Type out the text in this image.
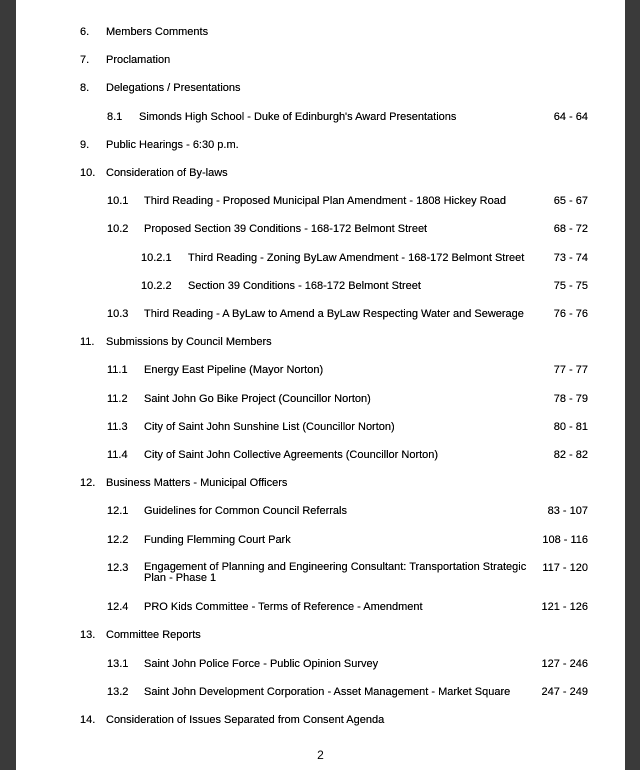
6. Members Comments
7. Proclamation
8. Delegations / Presentations
8.1 Simonds High School - Duke of Edinburgh's Award Presentations	64 - 64
9. Public Hearings - 6:30 p.m.
10. Consideration of By-laws
10.1 Third Reading - Proposed Municipal Plan Amendment - 1808 Hickey Road	65 - 67
10.2 Proposed Section 39 Conditions - 168-172 Belmont Street	68 - 72
10.2.1 Third Reading - Zoning ByLaw Amendment - 168-172 Belmont Street	73 - 74
10.2.2 Section 39 Conditions - 168-172 Belmont Street	75 - 75
10.3 Third Reading - A ByLaw to Amend a ByLaw Respecting Water and Sewerage	76 - 76
11. Submissions by Council Members
11.1 Energy East Pipeline (Mayor Norton)	77 - 77
11.2 Saint John Go Bike Project (Councillor Norton)	78 - 79
11.3 City of Saint John Sunshine List (Councillor Norton)	80 - 81
11.4 City of Saint John Collective Agreements (Councillor Norton)	82 - 82
12. Business Matters - Municipal Officers
12.1 Guidelines for Common Council Referrals	83 - 107
12.2 Funding Flemming Court Park	108 - 116
12.3 Engagement of Planning and Engineering Consultant: Transportation Strategic Plan - Phase 1
117 - 120
12.4 PRO Kids Committee - Terms of Reference - Amendment	121 - 126
13. Committee Reports
13.1 Saint John Police Force - Public Opinion Survey	127 - 246
13.2 Saint John Development Corporation - Asset Management - Market Square	247 - 249
14. Consideration of Issues Separated from Consent Agenda
2
